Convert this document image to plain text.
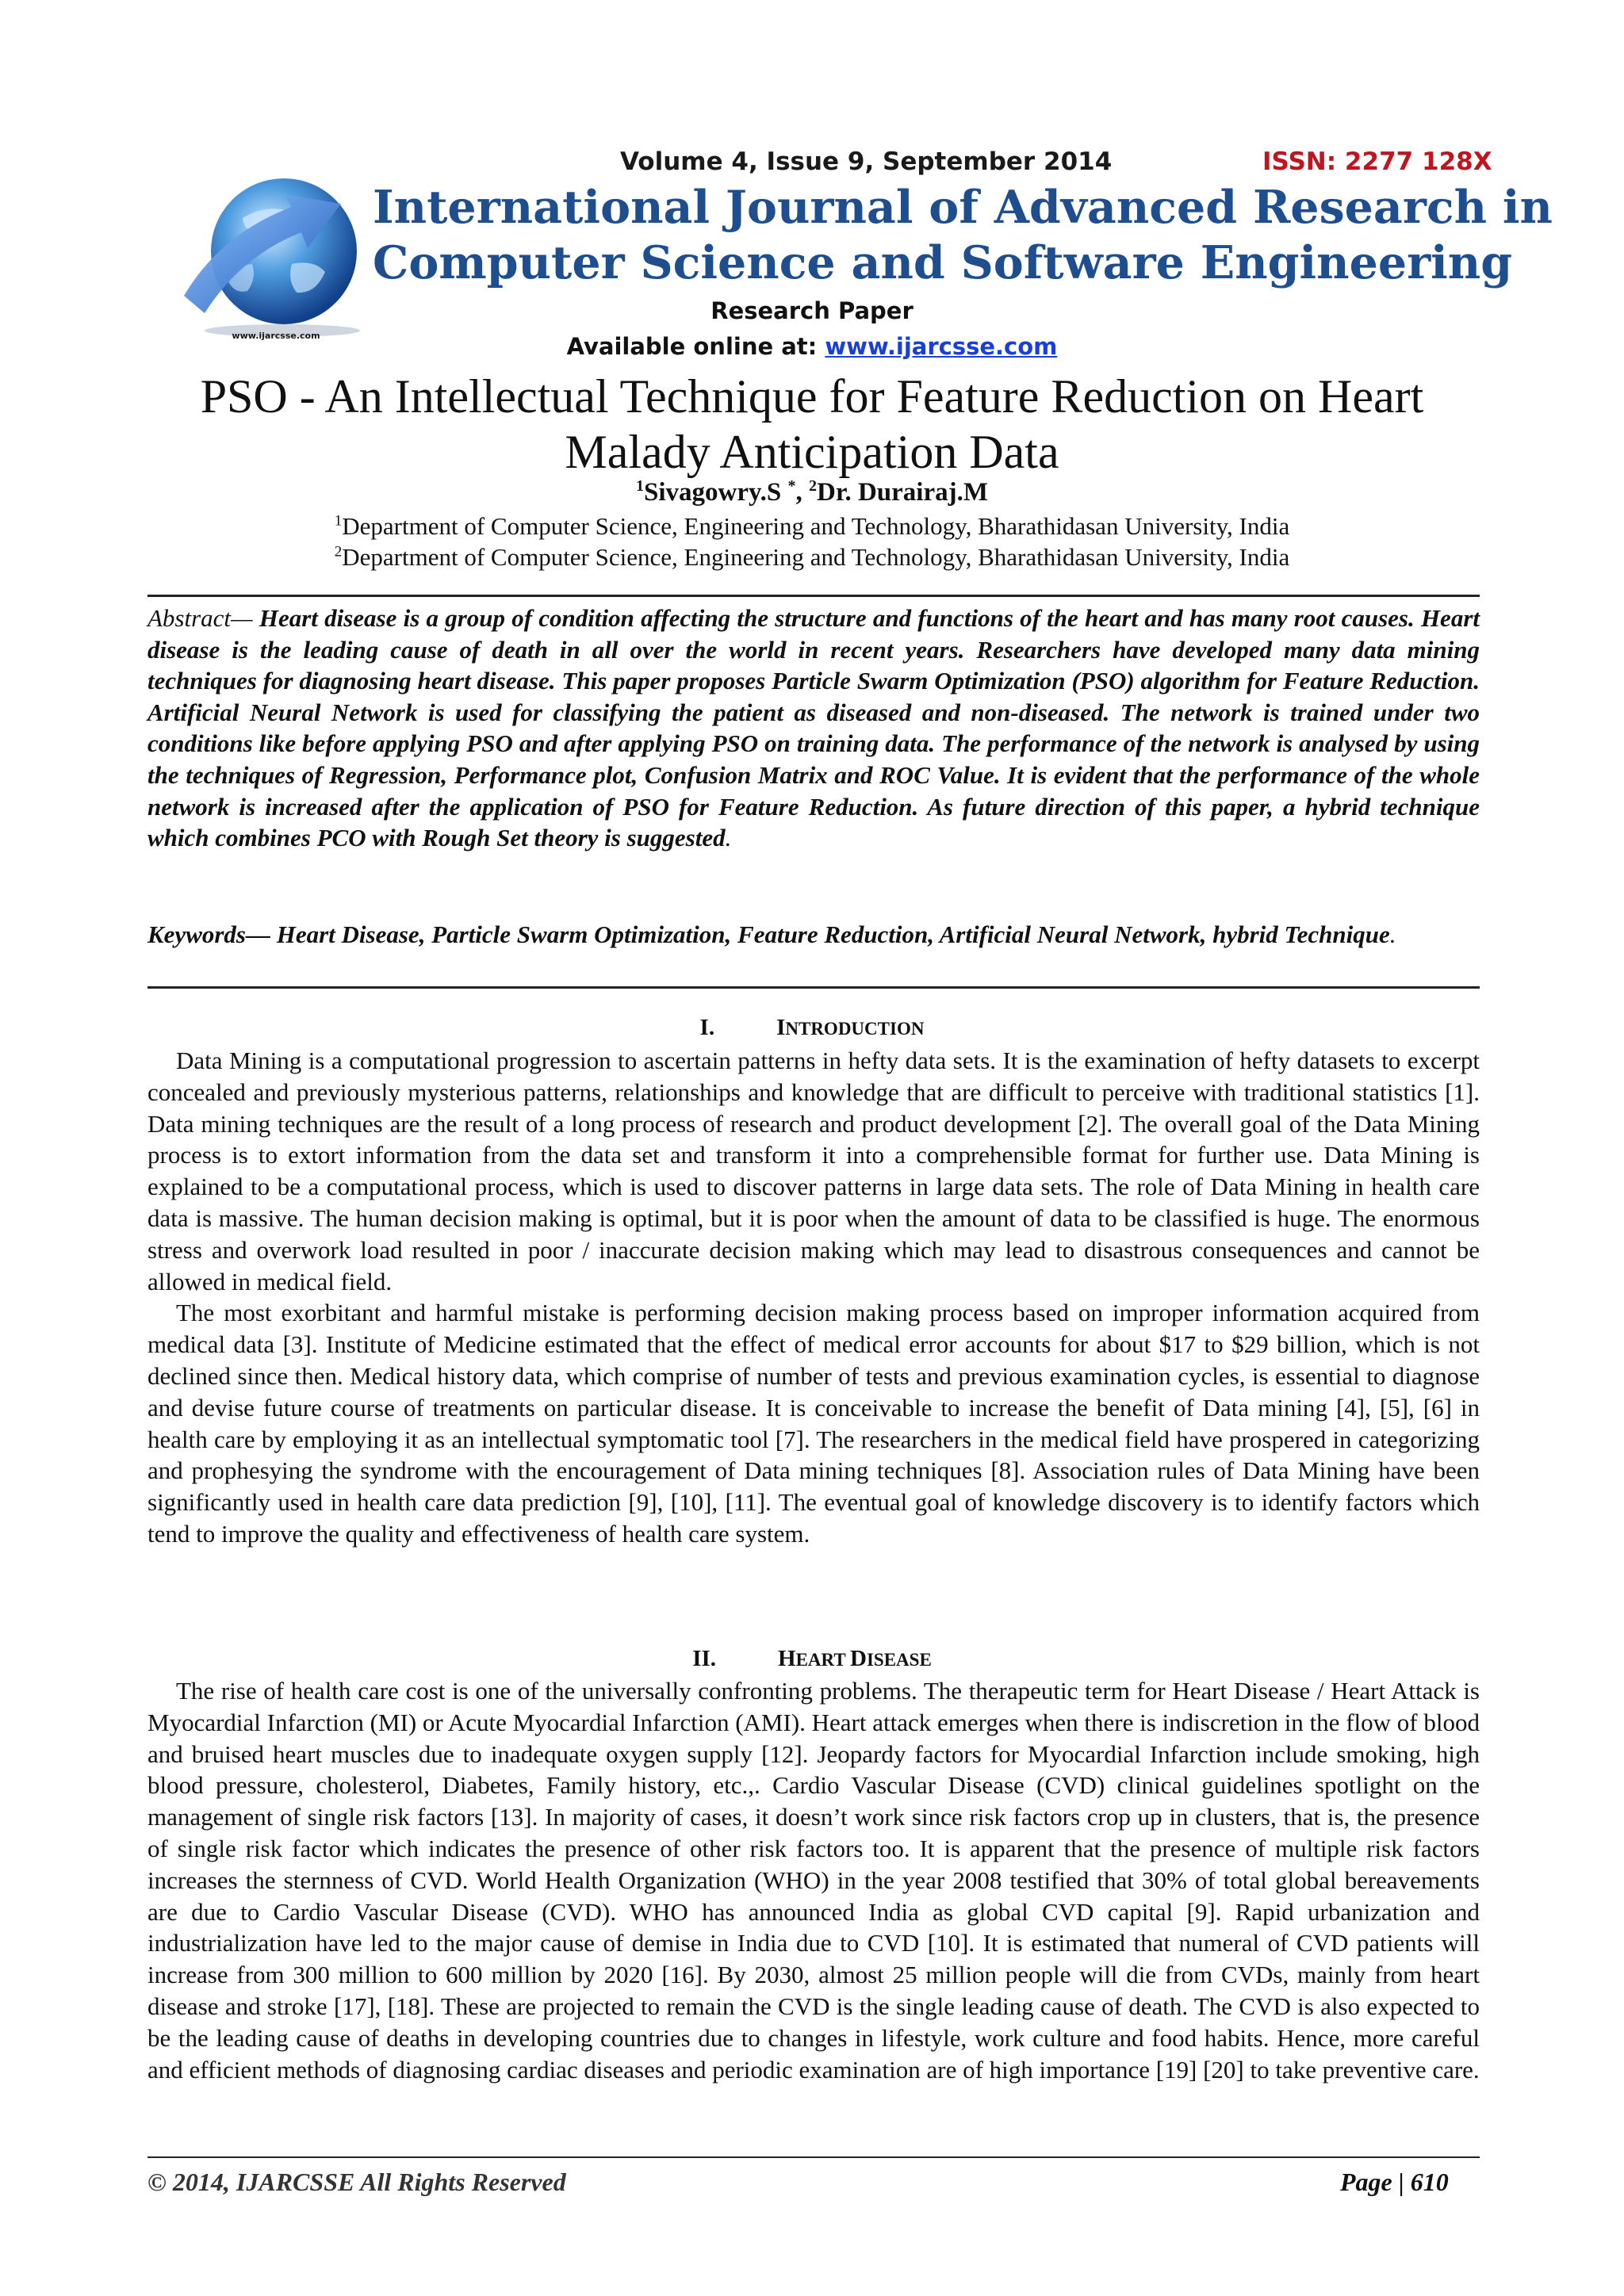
www.ijarcsse.com
Volume 4, Issue 9, September 2014	ISSN: 2277 128X
International Journal of Advanced Research in
Computer Science and Software Engineering
Research Paper
Available online at: www.ijarcsse.com
PSO - An Intellectual Technique for Feature Reduction on Heart
Malady Anticipation Data
$^1$Sivagowry.S *, $^2$Dr. Durairaj.M
$^1$Department of Computer Science, Engineering and Technology, Bharathidasan University, India
$^2$Department of Computer Science, Engineering and Technology, Bharathidasan University, India
Abstract— Heart disease is a group of condition affecting the structure and functions of the heart and has many root causes. Heart disease is the leading cause of death in all over the world in recent years. Researchers have developed many data mining techniques for diagnosing heart disease. This paper proposes Particle Swarm Optimization (PSO) algorithm for Feature Reduction. Artificial Neural Network is used for classifying the patient as diseased and non-diseased. The network is trained under two conditions like before applying PSO and after applying PSO on training data. The performance of the network is analysed by using the techniques of Regression, Performance plot, Confusion Matrix and ROC Value. It is evident that the performance of the whole network is increased after the application of PSO for Feature Reduction. As future direction of this paper, a hybrid technique which combines PCO with Rough Set theory is suggested.
Keywords— Heart Disease, Particle Swarm Optimization, Feature Reduction, Artificial Neural Network, hybrid Technique.
I.	INTRODUCTION

Data Mining is a computational progression to ascertain patterns in hefty data sets. It is the examination of hefty datasets to excerpt concealed and previously mysterious patterns, relationships and knowledge that are difficult to perceive with traditional statistics [1]. Data mining techniques are the result of a long process of research and product development [2]. The overall goal of the Data Mining process is to extort information from the data set and transform it into a comprehensible format for further use. Data Mining is explained to be a computational process, which is used to discover patterns in large data sets. The role of Data Mining in health care data is massive. The human decision making is optimal, but it is poor when the amount of data to be classified is huge. The enormous stress and overwork load resulted in poor / inaccurate decision making which may lead to disastrous consequences and cannot be allowed in medical field.

The most exorbitant and harmful mistake is performing decision making process based on improper information acquired from medical data [3]. Institute of Medicine estimated that the effect of medical error accounts for about $17 to $29 billion, which is not declined since then. Medical history data, which comprise of number of tests and previous examination cycles, is essential to diagnose and devise future course of treatments on particular disease. It is conceivable to increase the benefit of Data mining [4], [5], [6] in health care by employing it as an intellectual symptomatic tool [7]. The researchers in the medical field have prospered in categorizing and prophesying the syndrome with the encouragement of Data mining techniques [8]. Association rules of Data Mining have been significantly used in health care data prediction [9], [10], [11]. The eventual goal of knowledge discovery is to identify factors which tend to improve the quality and effectiveness of health care system.

II.	HEART DISEASE

The rise of health care cost is one of the universally confronting problems. The therapeutic term for Heart Disease / Heart Attack is Myocardial Infarction (MI) or Acute Myocardial Infarction (AMI). Heart attack emerges when there is indiscretion in the flow of blood and bruised heart muscles due to inadequate oxygen supply [12]. Jeopardy factors for Myocardial Infarction include smoking, high blood pressure, cholesterol, Diabetes, Family history, etc.,. Cardio Vascular Disease (CVD) clinical guidelines spotlight on the management of single risk factors [13]. In majority of cases, it doesn’t work since risk factors crop up in clusters, that is, the presence of single risk factor which indicates the presence of other risk factors too. It is apparent that the presence of multiple risk factors increases the sternness of CVD. World Health Organization (WHO) in the year 2008 testified that 30% of total global bereavements are due to Cardio Vascular Disease (CVD). WHO has announced India as global CVD capital [9]. Rapid urbanization and industrialization have led to the major cause of demise in India due to CVD [10]. It is estimated that numeral of CVD patients will increase from 300 million to 600 million by 2020 [16]. By 2030, almost 25 million people will die from CVDs, mainly from heart disease and stroke [17], [18]. These are projected to remain the CVD is the single leading cause of death. The CVD is also expected to be the leading cause of deaths in developing countries due to changes in lifestyle, work culture and food habits. Hence, more careful and efficient methods of diagnosing cardiac diseases and periodic examination are of high importance [19] [20] to take preventive care.

© 2014, IJARCSSE All Rights Reserved	Page | 610
